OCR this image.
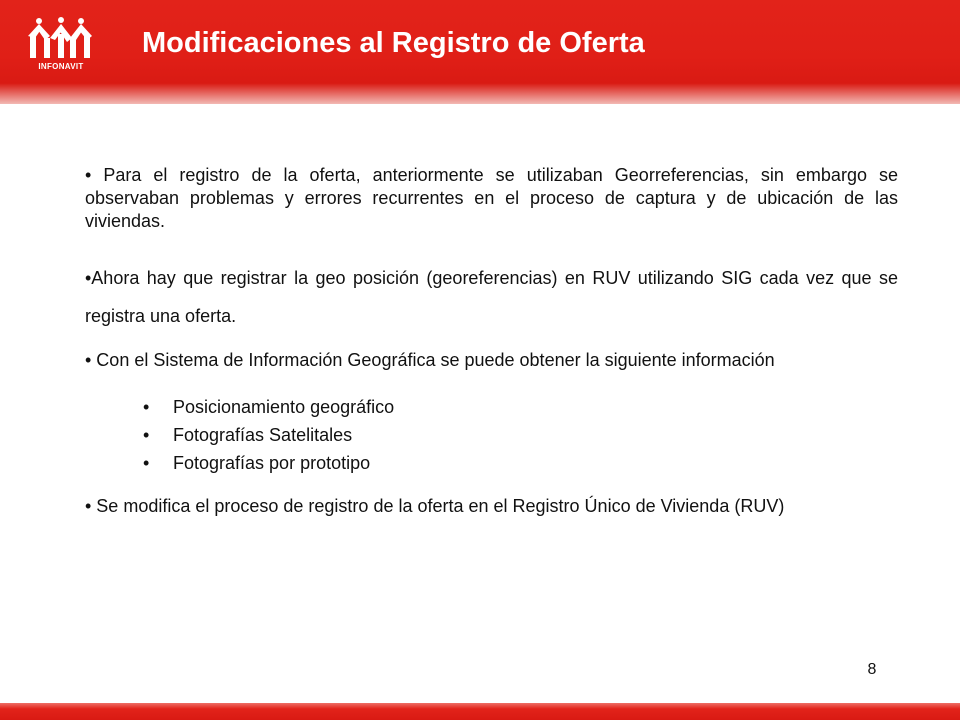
INFONAVIT
Modificaciones al Registro de Oferta

• Para el registro de la oferta, anteriormente se utilizaban Georreferencias, sin embargo se observaban problemas y errores recurrentes en el proceso de captura y de ubicación de las viviendas.

•Ahora hay que registrar la geo posición (georeferencias) en RUV utilizando SIG cada vez que se registra una oferta.

• Con el Sistema de Información Geográfica se puede obtener la siguiente información

• Posicionamiento geográfico
• Fotografías Satelitales
• Fotografías por prototipo

• Se modifica el proceso de registro de la oferta en el Registro Único de Vivienda (RUV)

8
